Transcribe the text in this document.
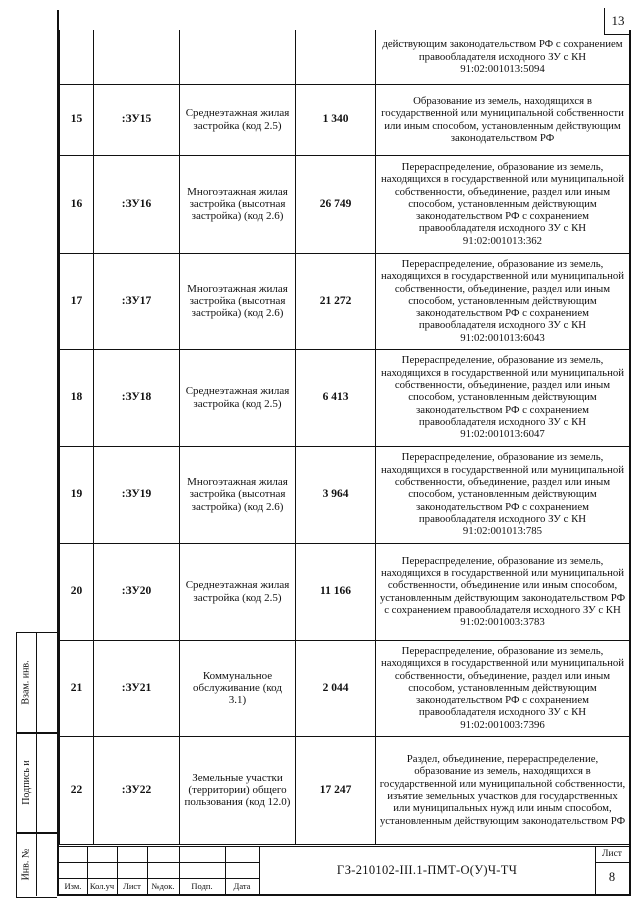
13
				действующим законодательством РФ с сохранением правообладателя исходного ЗУ с КН 91:02:001013:5094
15	:ЗУ15	Среднеэтажная жилая застройка (код 2.5)	1 340	Образование из земель, находящихся в государственной или муниципальной собственности или иным способом, установленным действующим законодательством РФ
16	:ЗУ16	Многоэтажная жилая застройка (высотная застройка) (код 2.6)	26 749	Перераспределение, образование из земель, находящихся в государственной или муниципальной собственности, объединение, раздел или иным способом, установленным действующим законодательством РФ с сохранением правообладателя исходного ЗУ с КН 91:02:001013:362
17	:ЗУ17	Многоэтажная жилая застройка (высотная застройка) (код 2.6)	21 272	Перераспределение, образование из земель, находящихся в государственной или муниципальной собственности, объединение, раздел или иным способом, установленным действующим законодательством РФ с сохранением правообладателя исходного ЗУ с КН 91:02:001013:6043
18	:ЗУ18	Среднеэтажная жилая застройка (код 2.5)	6 413	Перераспределение, образование из земель, находящихся в государственной или муниципальной собственности, объединение, раздел или иным способом, установленным действующим законодательством РФ с сохранением правообладателя исходного ЗУ с КН 91:02:001013:6047
19	:ЗУ19	Многоэтажная жилая застройка (высотная застройка) (код 2.6)	3 964	Перераспределение, образование из земель, находящихся в государственной или муниципальной собственности, объединение, раздел или иным способом, установленным действующим законодательством РФ с сохранением правообладателя исходного ЗУ с КН 91:02:001013:785
20	:ЗУ20	Среднеэтажная жилая застройка (код 2.5)	11 166	Перераспределение, образование из земель, находящихся в государственной или муниципальной собственности, объединение или иным способом, установленным действующим законодательством РФ с сохранением правообладателя исходного ЗУ с КН 91:02:001003:3783
21	:ЗУ21	Коммунальное обслуживание (код 3.1)	2 044	Перераспределение, образование из земель, находящихся в государственной или муниципальной собственности, объединение, раздел или иным способом, установленным действующим законодательством РФ с сохранением правообладателя исходного ЗУ с КН 91:02:001003:7396
22	:ЗУ22	Земельные участки (территории) общего пользования (код 12.0)	17 247	Раздел, объединение, перераспределение, образование из земель, находящихся в государственной или муниципальной собственности, изъятие земельных участков для государственных или муниципальных нужд или иным способом, установленным действующим законодательством РФ
Взам. инв.
Подпись и
Инв. №
Изм. Кол.уч	Лист	№док.	Подп.	Дата
ГЗ-210102-III.1-ПМТ-О(У)Ч-ТЧ
Лист
8
